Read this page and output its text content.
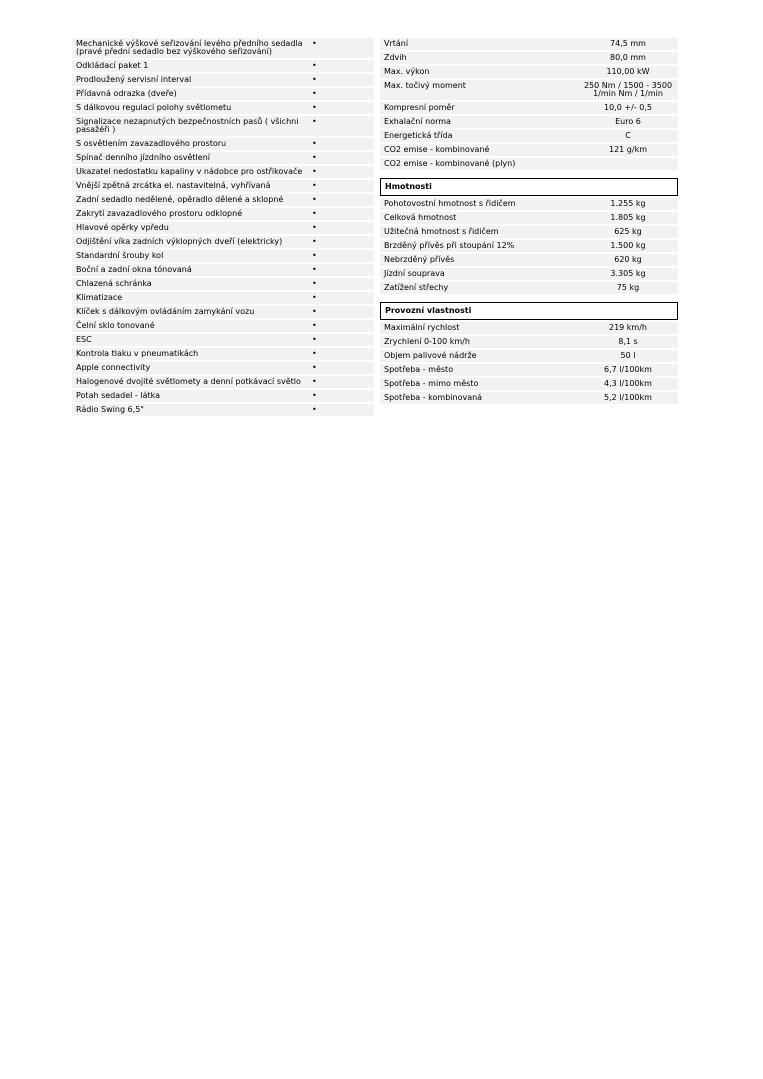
Mechanické výškové seřizování levého předního sedadla (pravé přední sedadlo bez výškového seřizování)	•
Odkládací paket 1	•
Prodloužený servisní interval	•
Přídavná odrazka (dveře)	•
S dálkovou regulací polohy světlometu	•
Signalizace nezapnutých bezpečnostních pasů ( všichni pasažéři )	•
S osvětlením zavazadlového prostoru	•
Spínač denního jízdního osvětlení	•
Ukazatel nedostatku kapaliny v nádobce pro ostřikovače	•
Vnější zpětná zrcátka el. nastavitelná, vyhřívaná	•
Zadní sedadlo nedělené, opěradlo dělené a sklopné	•
Zakrytí zavazadlového prostoru odklopné	•
Hlavové opěrky vpředu	•
Odjištění víka zadních výklopných dveří (elektricky)	•
Standardní šrouby kol	•
Boční a zadní okna tónovaná	•
Chlazená schránka	•
Klimatizace	•
Klíček s dálkovým ovládáním zamykání vozu	•
Čelní sklo tonované	•
ESC	•
Kontrola tlaku v pneumatikách	•
Apple connectivity	•
Halogenové dvojité světlomety a denní potkávací světlo	•
Potah sedadel - látka	•
Rádio Swing 6,5"	•
Vrtání	74,5 mm
Zdvih	80,0 mm
Max. výkon	110,00 kW
Max. točivý moment	250 Nm / 1500 - 3500 1/min Nm / 1/min
Kompresní poměr	10,0 +/- 0,5
Exhalační norma	Euro 6
Energetická třída	C
CO2 emise - kombinované	121 g/km
CO2 emise - kombinované (plyn)	

Hmotnosti	
Pohotovostní hmotnost s řidičem	1.255 kg
Celková hmotnost	1.805 kg
Užitečná hmotnost s řidičem	625 kg
Brzděný přívěs při stoupání 12%	1.500 kg
Nebrzděný přívěs	620 kg
Jízdní souprava	3.305 kg
Zatížení střechy	75 kg

Provozní vlastnosti	
Maximální rychlost	219 km/h
Zrychlení 0-100 km/h	8,1 s
Objem palivové nádrže	50 l
Spotřeba - město	6,7 l/100km
Spotřeba - mimo město	4,3 l/100km
Spotřeba - kombinovaná	5,2 l/100km
